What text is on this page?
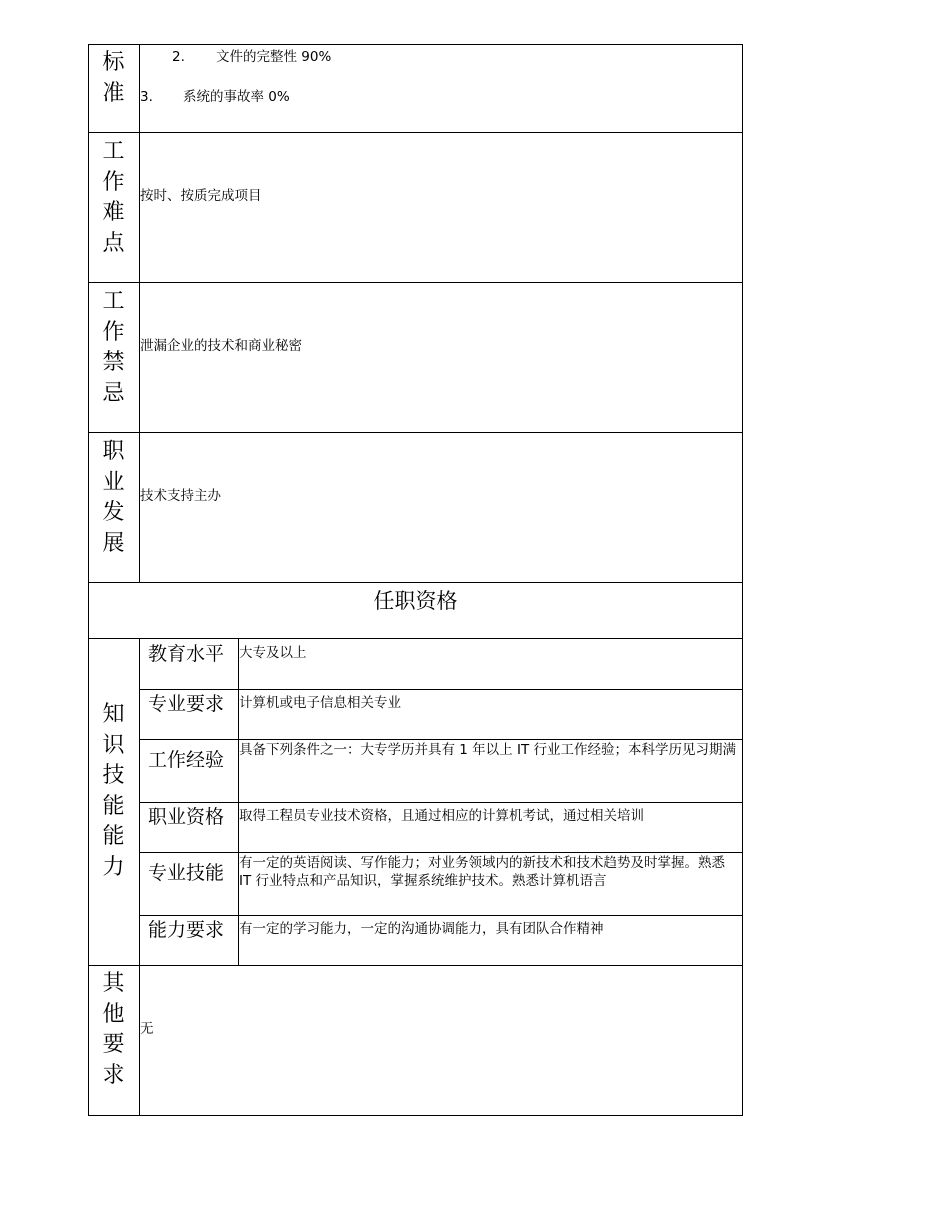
标
准
2. 文件的完整性 90%
3. 系统的事故率 0%
工
作
难
点
按时、按质完成项目
工
作
禁
忌
泄漏企业的技术和商业秘密
职
业
发
展
技术支持主办
任职资格
知
识
技
能
能
力
教育水平 大专及以上
专业要求 计算机或电子信息相关专业
工作经验 具备下列条件之一：大专学历并具有 1 年以上 IT 行业工作经验；本科学历见习期满
职业资格 取得工程员专业技术资格，且通过相应的计算机考试，通过相关培训
专业技能 有一定的英语阅读、写作能力；对业务领域内的新技术和技术趋势及时掌握。熟悉 IT 行业特点和产品知识，掌握系统维护技术。熟悉计算机语言
能力要求 有一定的学习能力，一定的沟通协调能力，具有团队合作精神
其
他
要
求
无
